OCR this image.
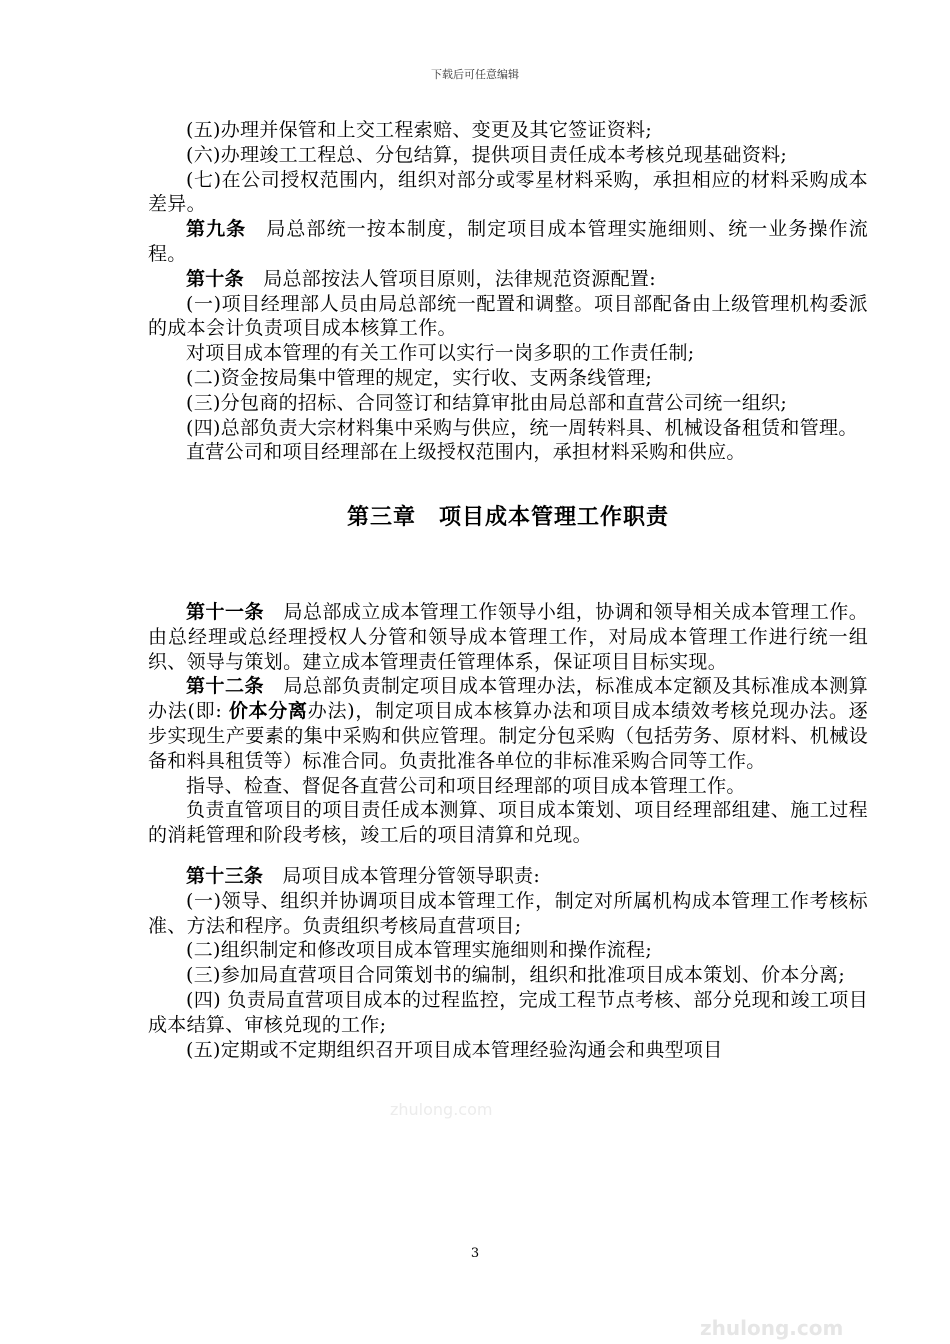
下载后可任意编辑

(五)办理并保管和上交工程索赔、变更及其它签证资料;

(六)办理竣工工程总、分包结算，提供项目责任成本考核兑现基础资料;

(七)在公司授权范围内，组织对部分或零星材料采购，承担相应的材料采购成本差异。

第九条　局总部统一按本制度，制定项目成本管理实施细则、统一业务操作流程。

第十条　局总部按法人管项目原则，法律规范资源配置:

(一)项目经理部人员由局总部统一配置和调整。项目部配备由上级管理机构委派的成本会计负责项目成本核算工作。

对项目成本管理的有关工作可以实行一岗多职的工作责任制;

(二)资金按局集中管理的规定，实行收、支两条线管理;

(三)分包商的招标、合同签订和结算审批由局总部和直营公司统一组织;

(四)总部负责大宗材料集中采购与供应，统一周转料具、机械设备租赁和管理。

直营公司和项目经理部在上级授权范围内，承担材料采购和供应。

第三章　项目成本管理工作职责

第十一条　局总部成立成本管理工作领导小组，协调和领导相关成本管理工作。由总经理或总经理授权人分管和领导成本管理工作，对局成本管理工作进行统一组织、领导与策划。建立成本管理责任管理体系，保证项目目标实现。

第十二条　局总部负责制定项目成本管理办法，标准成本定额及其标准成本测算办法(即: 价本分离办法)，制定项目成本核算办法和项目成本绩效考核兑现办法。逐步实现生产要素的集中采购和供应管理。制定分包采购（包括劳务、原材料、机械设备和料具租赁等）标准合同。负责批准各单位的非标准采购合同等工作。

指导、检查、督促各直营公司和项目经理部的项目成本管理工作。

负责直管项目的项目责任成本测算、项目成本策划、项目经理部组建、施工过程的消耗管理和阶段考核，竣工后的项目清算和兑现。

第十三条　局项目成本管理分管领导职责:

(一)领导、组织并协调项目成本管理工作，制定对所属机构成本管理工作考核标准、方法和程序。负责组织考核局直营项目;

(二)组织制定和修改项目成本管理实施细则和操作流程;

(三)参加局直营项目合同策划书的编制，组织和批准项目成本策划、价本分离;

(四) 负责局直营项目成本的过程监控，完成工程节点考核、部分兑现和竣工项目成本结算、审核兑现的工作;

(五)定期或不定期组织召开项目成本管理经验沟通会和典型项目

zhulong.com
3
zhulong.com
